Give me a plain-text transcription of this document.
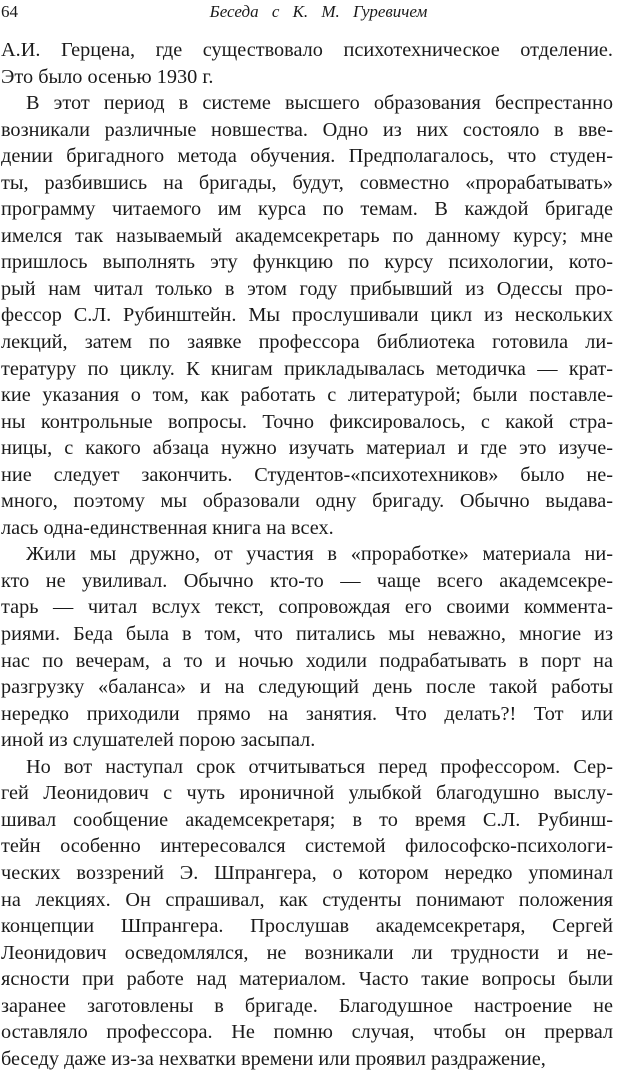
64	Беседа с К. М. Гуревичем
А.И. Герцена, где существовало психотехническое отделение.
Это было осенью 1930 г.
В этот период в системе высшего образования беспрестанно
возникали различные новшества. Одно из них состояло в вве-
дении бригадного метода обучения. Предполагалось, что студен-
ты, разбившись на бригады, будут, совместно «прорабатывать»
программу читаемого им курса по темам. В каждой бригаде
имелся так называемый академсекретарь по данному курсу; мне
пришлось выполнять эту функцию по курсу психологии, кото-
рый нам читал только в этом году прибывший из Одессы про-
фессор С.Л. Рубинштейн. Мы прослушивали цикл из нескольких
лекций, затем по заявке профессора библиотека готовила ли-
тературу по циклу. К книгам прикладывалась методичка — крат-
кие указания о том, как работать с литературой; были поставле-
ны контрольные вопросы. Точно фиксировалось, с какой стра-
ницы, с какого абзаца нужно изучать материал и где это изуче-
ние следует закончить. Студентов-«психотехников» было не-
много, поэтому мы образовали одну бригаду. Обычно выдава-
лась одна-единственная книга на всех.
Жили мы дружно, от участия в «проработке» материала ни-
кто не увиливал. Обычно кто-то — чаще всего академсекре-
тарь — читал вслух текст, сопровождая его своими коммента-
риями. Беда была в том, что питались мы неважно, многие из
нас по вечерам, а то и ночью ходили подрабатывать в порт на
разгрузку «баланса» и на следующий день после такой работы
нередко приходили прямо на занятия. Что делать?! Тот или
иной из слушателей порою засыпал.
Но вот наступал срок отчитываться перед профессором. Сер-
гей Леонидович с чуть ироничной улыбкой благодушно выслу-
шивал сообщение академсекретаря; в то время С.Л. Рубинш-
тейн особенно интересовался системой философско-психологи-
ческих воззрений Э. Шпрангера, о котором нередко упоминал
на лекциях. Он спрашивал, как студенты понимают положения
концепции Шпрангера. Прослушав академсекретаря, Сергей
Леонидович осведомлялся, не возникали ли трудности и не-
ясности при работе над материалом. Часто такие вопросы были
заранее заготовлены в бригаде. Благодушное настроение не
оставляло профессора. Не помню случая, чтобы он прервал
беседу даже из-за нехватки времени или проявил раздражение,
